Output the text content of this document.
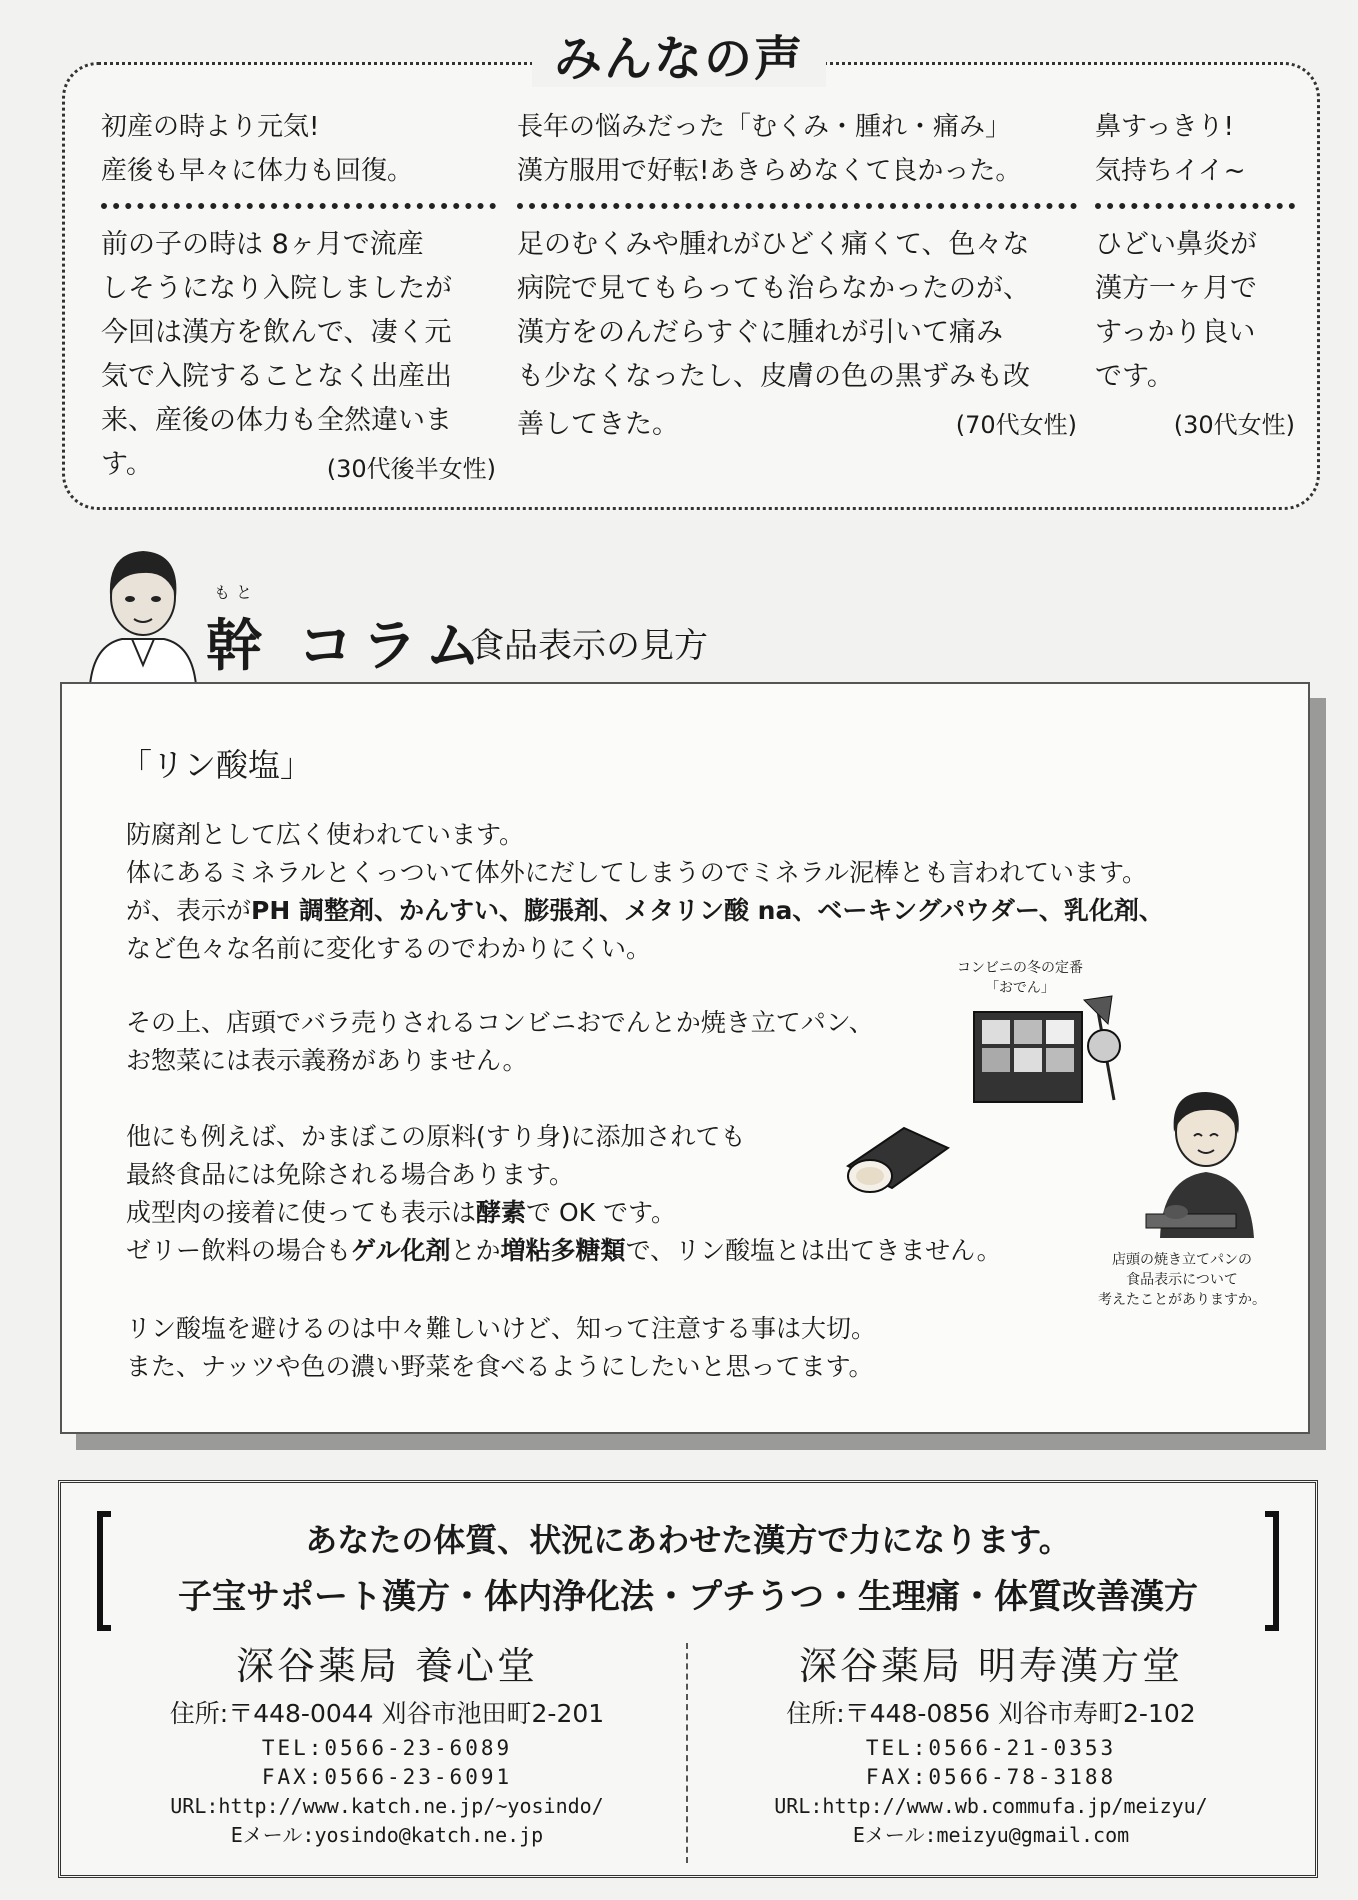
みんなの声
初産の時より元気!
産後も早々に体力も回復。
前の子の時は 8ヶ月で流産
しそうになり入院しましたが
今回は漢方を飲んで、凄く元
気で入院することなく出産出
来、産後の体力も全然違いま
す。	(30代後半女性)
長年の悩みだった「むくみ・腫れ・痛み」
漢方服用で好転!あきらめなくて良かった。
足のむくみや腫れがひどく痛くて、色々な
病院で見てもらっても治らなかったのが、
漢方をのんだらすぐに腫れが引いて痛み
も少なくなったし、皮膚の色の黒ずみも改
善してきた。	(70代女性)
鼻すっきり!
気持ちイイ~
ひどい鼻炎が
漢方一ヶ月で
すっかり良い
です。
(30代女性)
もと
幹 コラム
食品表示の見方
「リン酸塩」
防腐剤として広く使われています。
体にあるミネラルとくっついて体外にだしてしまうのでミネラル泥棒とも言われています。
が、表示がPH 調整剤、かんすい、膨張剤、メタリン酸 na、ベーキングパウダー、乳化剤、
など色々な名前に変化するのでわかりにくい。
その上、店頭でバラ売りされるコンビニおでんとか焼き立てパン、
お惣菜には表示義務がありません。
他にも例えば、かまぼこの原料(すり身)に添加されても
最終食品には免除される場合あります。
成型肉の接着に使っても表示は酵素で OK です。
ゼリー飲料の場合もゲル化剤とか増粘多糖類で、リン酸塩とは出てきません。
リン酸塩を避けるのは中々難しいけど、知って注意する事は大切。
また、ナッツや色の濃い野菜を食べるようにしたいと思ってます。
コンビニの冬の定番
「おでん」
店頭の焼き立てパンの
食品表示について
考えたことがありますか。
あなたの体質、状況にあわせた漢方で力になります。
子宝サポート漢方・体内浄化法・プチうつ・生理痛・体質改善漢方
深谷薬局 養心堂
住所:〒448-0044 刈谷市池田町2-201
TEL:0566-23-6089
FAX:0566-23-6091
URL:http://www.katch.ne.jp/~yosindo/
Eメール:yosindo@katch.ne.jp
深谷薬局 明寿漢方堂
住所:〒448-0856 刈谷市寿町2-102
TEL:0566-21-0353
FAX:0566-78-3188
URL:http://www.wb.commufa.jp/meizyu/
Eメール:meizyu@gmail.com
